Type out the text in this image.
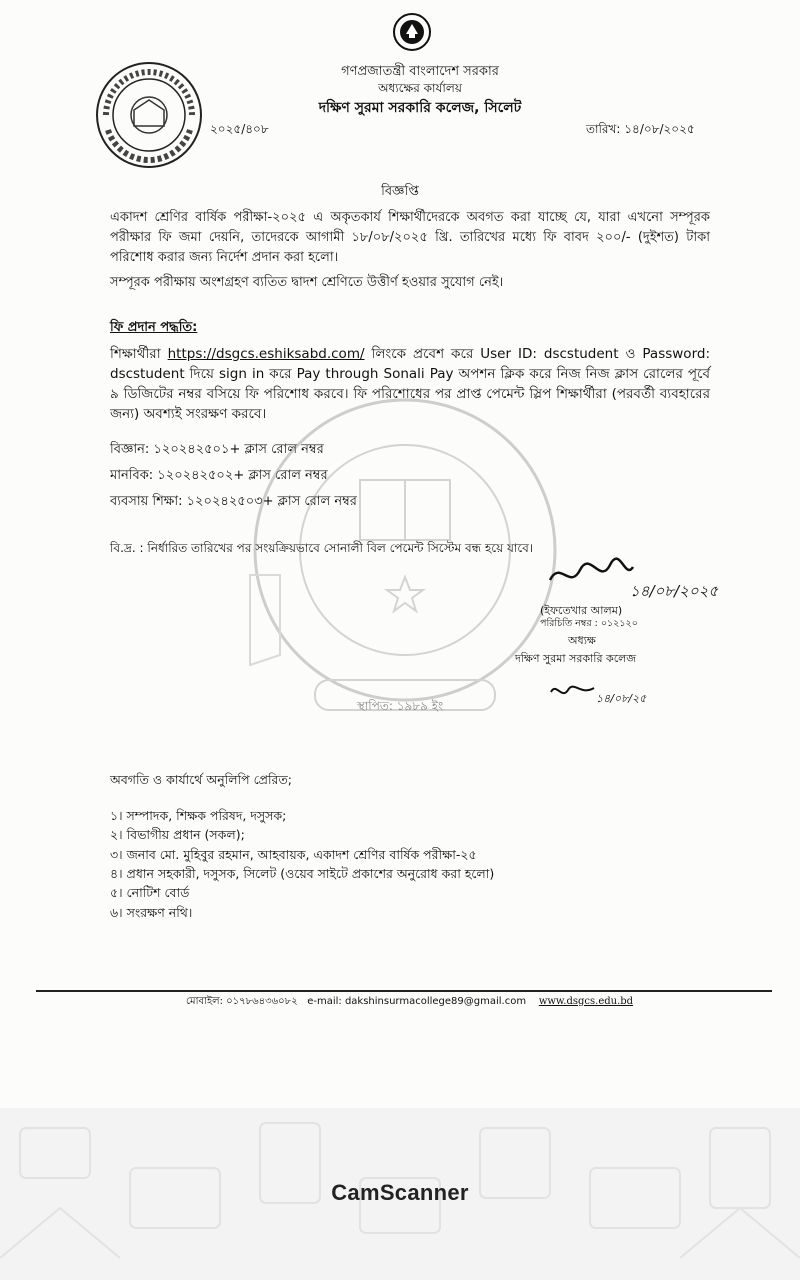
গণপ্রজাতন্ত্রী বাংলাদেশ সরকার
অধ্যক্ষের কার্যালয়
দক্ষিণ সুরমা সরকারি কলেজ, সিলেট
২০২৫/৪০৮	তারিখ: ১৪/০৮/২০২৫
বিজ্ঞপ্তি
একাদশ শ্রেণির বার্ষিক পরীক্ষা-২০২৫ এ অকৃতকার্য শিক্ষার্থীদেরকে অবগত করা যাচ্ছে যে, যারা এখনো সম্পূরক পরীক্ষার ফি জমা দেয়নি, তাদেরকে আগামী ১৮/০৮/২০২৫ খ্রি. তারিখের মধ্যে ফি বাবদ ২০০/- (দুইশত) টাকা পরিশোধ করার জন্য নির্দেশ প্রদান করা হলো।
সম্পূরক পরীক্ষায় অংশগ্রহণ ব্যতিত দ্বাদশ শ্রেণিতে উত্তীর্ণ হওয়ার সুযোগ নেই।
ফি প্রদান পদ্ধতি:
শিক্ষার্থীরা https://dsgcs.eshiksabd.com/ লিংকে প্রবেশ করে User ID: dscstudent ও Password: dscstudent দিয়ে sign in করে Pay through Sonali Pay অপশন ক্লিক করে নিজ নিজ ক্লাস রোলের পূর্বে ৯ ডিজিটের নম্বর বসিয়ে ফি পরিশোধ করবে। ফি পরিশোধের পর প্রাপ্ত পেমেন্ট স্লিপ শিক্ষার্থীরা (পরবর্তী ব্যবহারের জন্য) অবশ্যই সংরক্ষণ করবে।
বিজ্ঞান: ১২০২৪২৫০১+ ক্লাস রোল নম্বর
মানবিক: ১২০২৪২৫০২+ ক্লাস রোল নম্বর
ব্যবসায় শিক্ষা: ১২০২৪২৫০৩+ ক্লাস রোল নম্বর
বি.দ্র. : নির্ধারিত তারিখের পর সংয়ক্রিয়ভাবে সোনালী বিল পেমেন্ট সিস্টেম বন্ধ হয়ে যাবে।
স্থাপিত: ১৯৮৯ ইং
১৪/০৮/২০২৫
(ইফতেখার আলম)
পরিচিতি নম্বর : ০১২১২০
অধ্যক্ষ
দক্ষিণ সুরমা সরকারি কলেজ
১৪/০৮/২৫
অবগতি ও কার্যার্থে অনুলিপি প্রেরিত;
১। সম্পাদক, শিক্ষক পরিষদ, দসুসক;
২। বিভাগীয় প্রধান (সকল);
৩। জনাব মো. মুহিবুর রহমান, আহবায়ক, একাদশ শ্রেণির বার্ষিক পরীক্ষা-২৫
৪। প্রধান সহকারী, দসুসক, সিলেট (ওয়েব সাইটে প্রকাশের অনুরোধ করা হলো)
৫। নোটিশ বোর্ড
৬। সংরক্ষণ নথি।
মোবাইল: ০১৭৮৬৪৩৬০৮২ e-mail: dakshinsurmacollege89@gmail.com www.dsgcs.edu.bd
CamScanner
